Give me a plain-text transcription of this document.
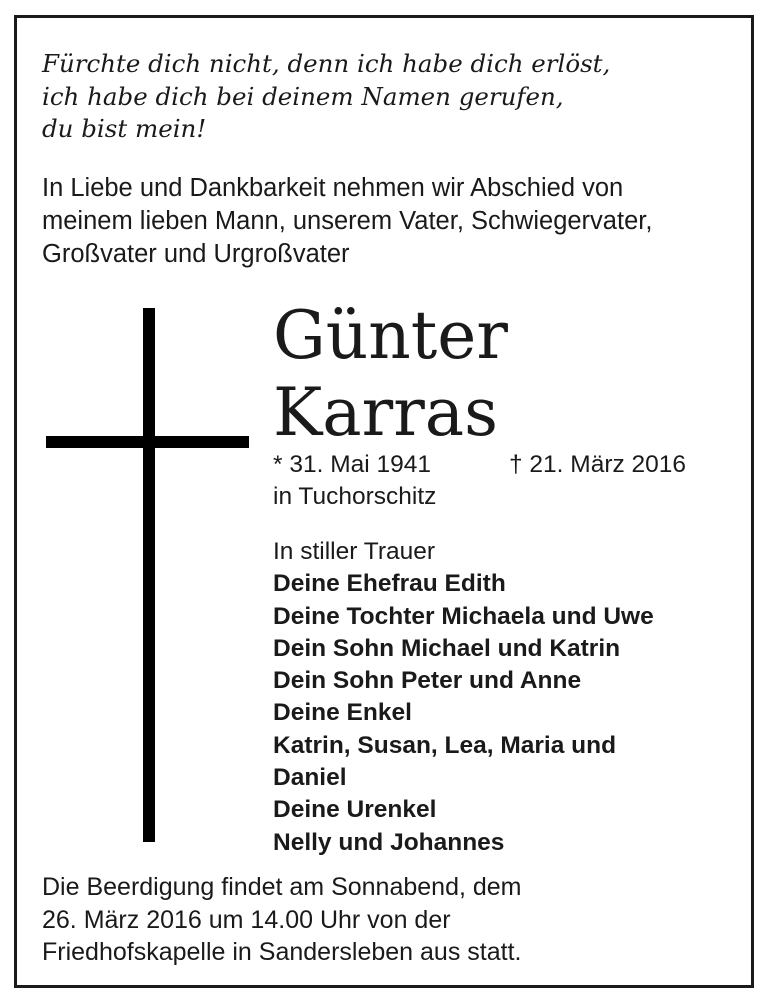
Fürchte dich nicht, denn ich habe dich erlöst,
ich habe dich bei deinem Namen gerufen,
du bist mein!
In Liebe und Dankbarkeit nehmen wir Abschied von
meinem lieben Mann, unserem Vater, Schwiegervater,
Großvater und Urgroßvater
Günter
Karras
* 31. Mai 1941	† 21. März 2016
in Tuchorschitz
In stiller Trauer
Deine Ehefrau Edith
Deine Tochter Michaela und Uwe
Dein Sohn Michael und Katrin
Dein Sohn Peter und Anne
Deine Enkel
Katrin, Susan, Lea, Maria und
Daniel
Deine Urenkel
Nelly und Johannes
Die Beerdigung findet am Sonnabend, dem
26. März 2016 um 14.00 Uhr von der
Friedhofskapelle in Sandersleben aus statt.
